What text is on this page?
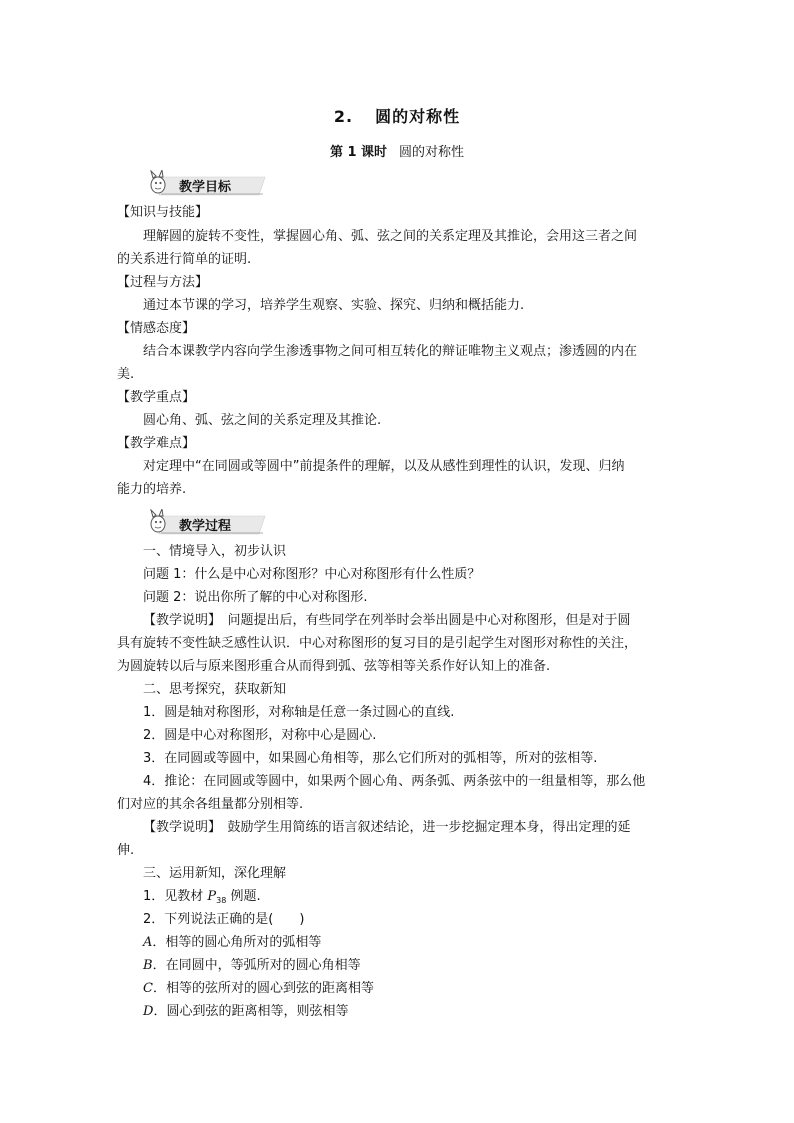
2. 圆的对称性
第 1 课时 圆的对称性
教学目标
【知识与技能】
理解圆的旋转不变性，掌握圆心角、弧、弦之间的关系定理及其推论，会用这三者之间
的关系进行简单的证明.
【过程与方法】
通过本节课的学习，培养学生观察、实验、探究、归纳和概括能力.
【情感态度】
结合本课教学内容向学生渗透事物之间可相互转化的辩证唯物主义观点；渗透圆的内在
美.
【教学重点】
圆心角、弧、弦之间的关系定理及其推论.
【教学难点】
对定理中“在同圆或等圆中”前提条件的理解，以及从感性到理性的认识，发现、归纳
能力的培养.
教学过程
一、情境导入，初步认识
问题 1：什么是中心对称图形？中心对称图形有什么性质？
问题 2：说出你所了解的中心对称图形.
【教学说明】　问题提出后，有些同学在列举时会举出圆是中心对称图形，但是对于圆
具有旋转不变性缺乏感性认识．中心对称图形的复习目的是引起学生对图形对称性的关注，
为圆旋转以后与原来图形重合从而得到弧、弦等相等关系作好认知上的准备.
二、思考探究，获取新知
1．圆是轴对称图形，对称轴是任意一条过圆心的直线.
2．圆是中心对称图形，对称中心是圆心.
3．在同圆或等圆中，如果圆心角相等，那么它们所对的弧相等，所对的弦相等.
4．推论：在同圆或等圆中，如果两个圆心角、两条弧、两条弦中的一组量相等，那么他
们对应的其余各组量都分别相等.
【教学说明】　鼓励学生用简练的语言叙述结论，进一步挖掘定理本身，得出定理的延
伸.
三、运用新知，深化理解
1．见教材 $P_{38}$ 例题.
2．下列说法正确的是(　　)
A．相等的圆心角所对的弧相等
B．在同圆中，等弧所对的圆心角相等
C．相等的弦所对的圆心到弦的距离相等
D．圆心到弦的距离相等，则弦相等
